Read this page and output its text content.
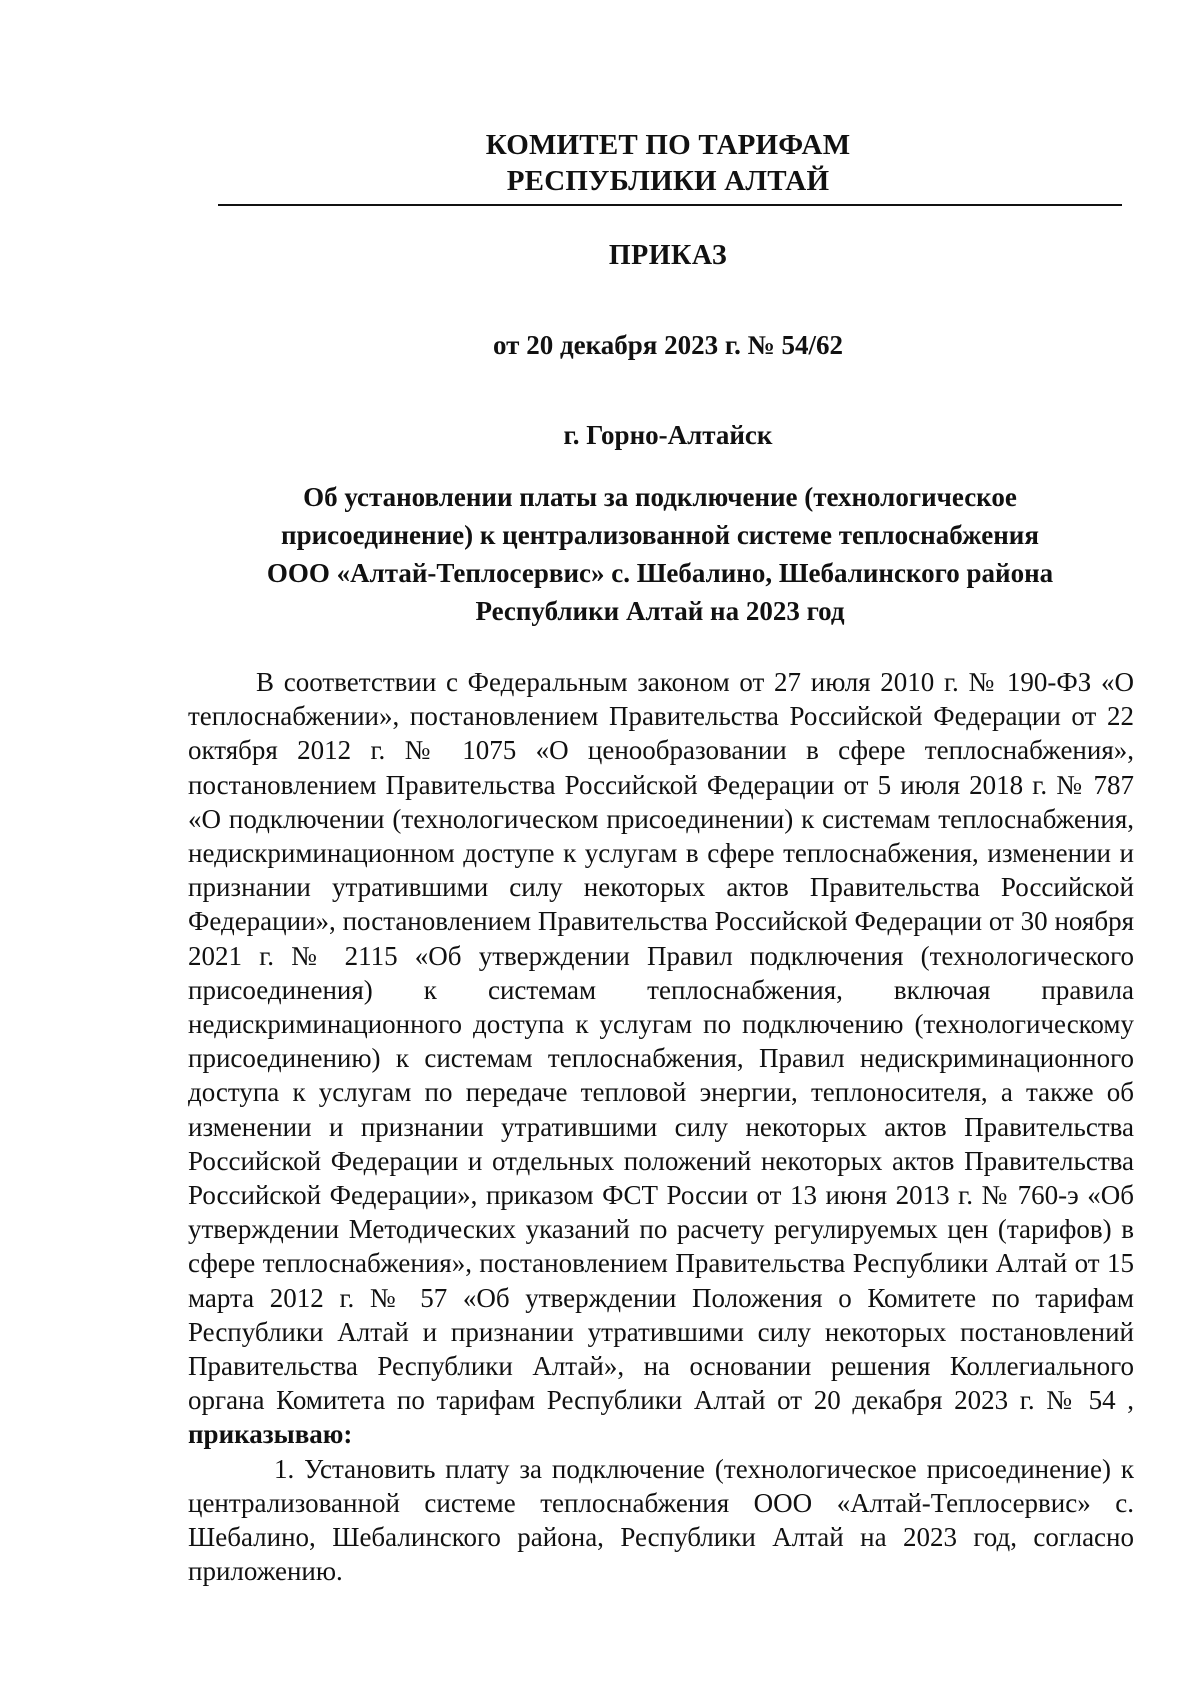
КОМИТЕТ ПО ТАРИФАМ
РЕСПУБЛИКИ АЛТАЙ
ПРИКАЗ
от 20 декабря 2023 г. № 54/62
г. Горно-Алтайск
Об установлении платы за подключение (технологическое
присоединение) к централизованной системе теплоснабжения
ООО «Алтай-Теплосервис» с. Шебалино, Шебалинского района
Республики Алтай на 2023 год

В соответствии с Федеральным законом от 27 июля 2010 г. № 190-ФЗ «О теплоснабжении», постановлением Правительства Российской Федерации от 22 октября 2012 г. № 1075 «О ценообразовании в сфере теплоснабжения», постановлением Правительства Российской Федерации от 5 июля 2018 г. № 787 «О подключении (технологическом присоединении) к системам теплоснабжения, недискриминационном доступе к услугам в сфере теплоснабжения, изменении и признании утратившими силу некоторых актов Правительства Российской Федерации», постановлением Правительства Российской Федерации от 30 ноября 2021 г. № 2115 «Об утверждении Правил подключения (технологического присоединения) к системам теплоснабжения, включая правила недискриминационного доступа к услугам по подключению (технологическому присоединению) к системам теплоснабжения, Правил недискриминационного доступа к услугам по передаче тепловой энергии, теплоносителя, а также об изменении и признании утратившими силу некоторых актов Правительства Российской Федерации и отдельных положений некоторых актов Правительства Российской Федерации», приказом ФСТ России от 13 июня 2013 г. № 760-э «Об утверждении Методических указаний по расчету регулируемых цен (тарифов) в сфере теплоснабжения», постановлением Правительства Республики Алтай от 15 марта 2012 г. № 57 «Об утверждении Положения о Комитете по тарифам Республики Алтай и признании утратившими силу некоторых постановлений Правительства Республики Алтай», на основании решения Коллегиального органа Комитета по тарифам Республики Алтай от 20 декабря 2023 г. № 54 , приказываю:

1. Установить плату за подключение (технологическое присоединение) к централизованной системе теплоснабжения ООО «Алтай-Теплосервис» с. Шебалино, Шебалинского района, Республики Алтай на 2023 год, согласно приложению.
